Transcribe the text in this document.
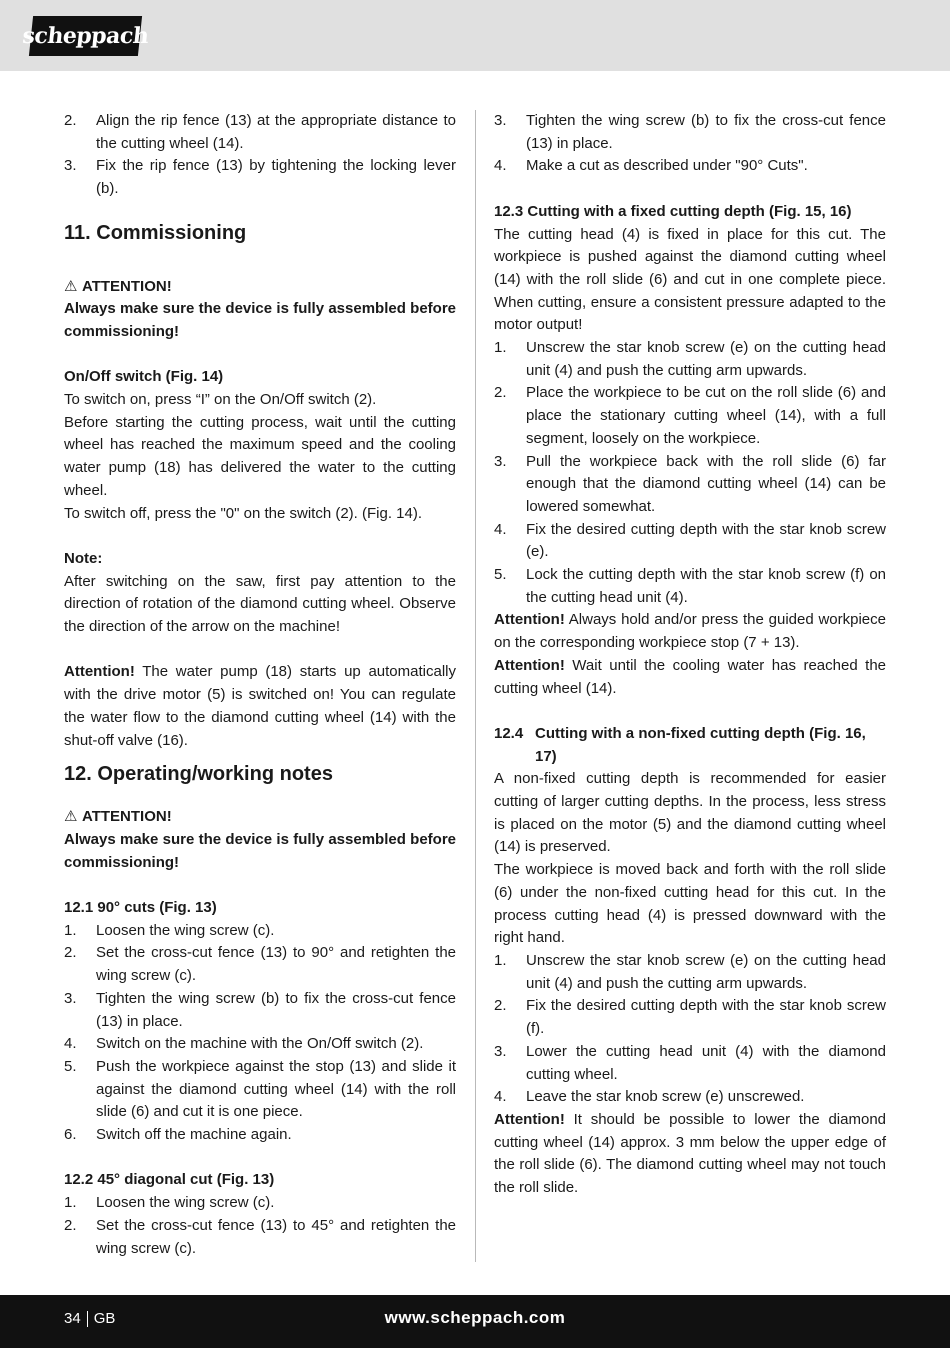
scheppach
2.	Align the rip fence (13) at the appropriate distance to the cutting wheel (14).
3.	Fix the rip fence (13) by tightening the locking lever (b).
11. Commissioning

⚠ ATTENTION!

Always make sure the device is fully assembled before commissioning!

On/Off switch (Fig. 14)

To switch on, press “I” on the On/Off switch (2).

Before starting the cutting process, wait until the cutting wheel has reached the maximum speed and the cooling water pump (18) has delivered the water to the cutting wheel.

To switch off, press the "0" on the switch (2). (Fig. 14).

Note:

After switching on the saw, first pay attention to the direction of rotation of the diamond cutting wheel. Observe the direction of the arrow on the machine!

Attention! The water pump (18) starts up automatically with the drive motor (5) is switched on! You can regulate the water flow to the diamond cutting wheel (14) with the shut-off valve (16).

12. Operating/working notes

⚠ ATTENTION!

Always make sure the device is fully assembled before commissioning!

12.1 90° cuts (Fig. 13)

1.	Loosen the wing screw (c).
2.	Set the cross-cut fence (13) to 90° and retighten the wing screw (c).
3.	Tighten the wing screw (b) to fix the cross-cut fence (13) in place.
4.	Switch on the machine with the On/Off switch (2).
5.	Push the workpiece against the stop (13) and slide it against the diamond cutting wheel (14) with the roll slide (6) and cut it is one piece.
6.	Switch off the machine again.

12.2 45° diagonal cut (Fig. 13)

1.	Loosen the wing screw (c).
2.	Set the cross-cut fence (13) to 45° and retighten the wing screw (c).
3.	Tighten the wing screw (b) to fix the cross-cut fence (13) in place.
4.	Make a cut as described under "90° Cuts".

12.3 Cutting with a fixed cutting depth (Fig. 15, 16)

The cutting head (4) is fixed in place for this cut. The workpiece is pushed against the diamond cutting wheel (14) with the roll slide (6) and cut in one complete piece. When cutting, ensure a consistent pressure adapted to the motor output!

1.	Unscrew the star knob screw (e) on the cutting head unit (4) and push the cutting arm upwards.
2.	Place the workpiece to be cut on the roll slide (6) and place the stationary cutting wheel (14), with a full segment, loosely on the workpiece.
3.	Pull the workpiece back with the roll slide (6) far enough that the diamond cutting wheel (14) can be lowered somewhat.
4.	Fix the desired cutting depth with the star knob screw (e).
5.	Lock the cutting depth with the star knob screw (f) on the cutting head unit (4).

Attention! Always hold and/or press the guided workpiece on the corresponding workpiece stop (7 + 13).

Attention! Wait until the cooling water has reached the cutting wheel (14).

12.4 Cutting with a non-fixed cutting depth (Fig. 16, 17)

A non-fixed cutting depth is recommended for easier cutting of larger cutting depths. In the process, less stress is placed on the motor (5) and the diamond cutting wheel (14) is preserved.

The workpiece is moved back and forth with the roll slide (6) under the non-fixed cutting head for this cut. In the process cutting head (4) is pressed downward with the right hand.

1.	Unscrew the star knob screw (e) on the cutting head unit (4) and push the cutting arm upwards.
2.	Fix the desired cutting depth with the star knob screw (f).
3.	Lower the cutting head unit (4) with the diamond cutting wheel.
4.	Leave the star knob screw (e) unscrewed.

Attention! It should be possible to lower the diamond cutting wheel (14) approx. 3 mm below the upper edge of the roll slide (6). The diamond cutting wheel may not touch the roll slide.

34 GB	www.scheppach.com
